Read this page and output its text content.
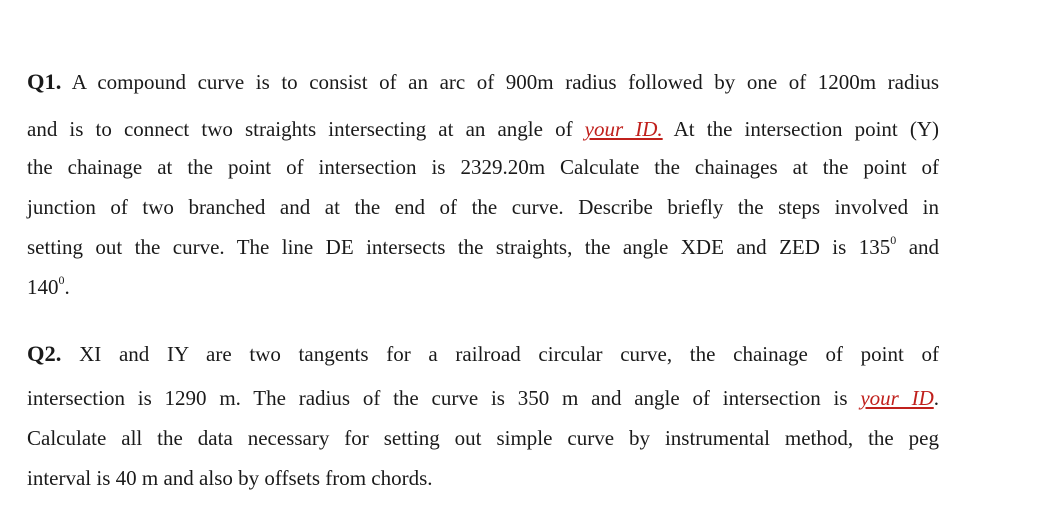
Q1. A compound curve is to consist of an arc of 900m radius followed by one of 1200m radius
and is to connect two straights intersecting at an angle of your ID. At the intersection point (Y)
the chainage at the point of intersection is 2329.20m Calculate the chainages at the point of
junction of two branched and at the end of the curve. Describe briefly the steps involved in
setting out the curve. The line DE intersects the straights, the angle XDE and ZED is $135^0$ and
$140^0$.
Q2. XI and IY are two tangents for a railroad circular curve, the chainage of point of
intersection is 1290 m. The radius of the curve is 350 m and angle of intersection is your ID.
Calculate all the data necessary for setting out simple curve by instrumental method, the peg
interval is 40 m and also by offsets from chords.
